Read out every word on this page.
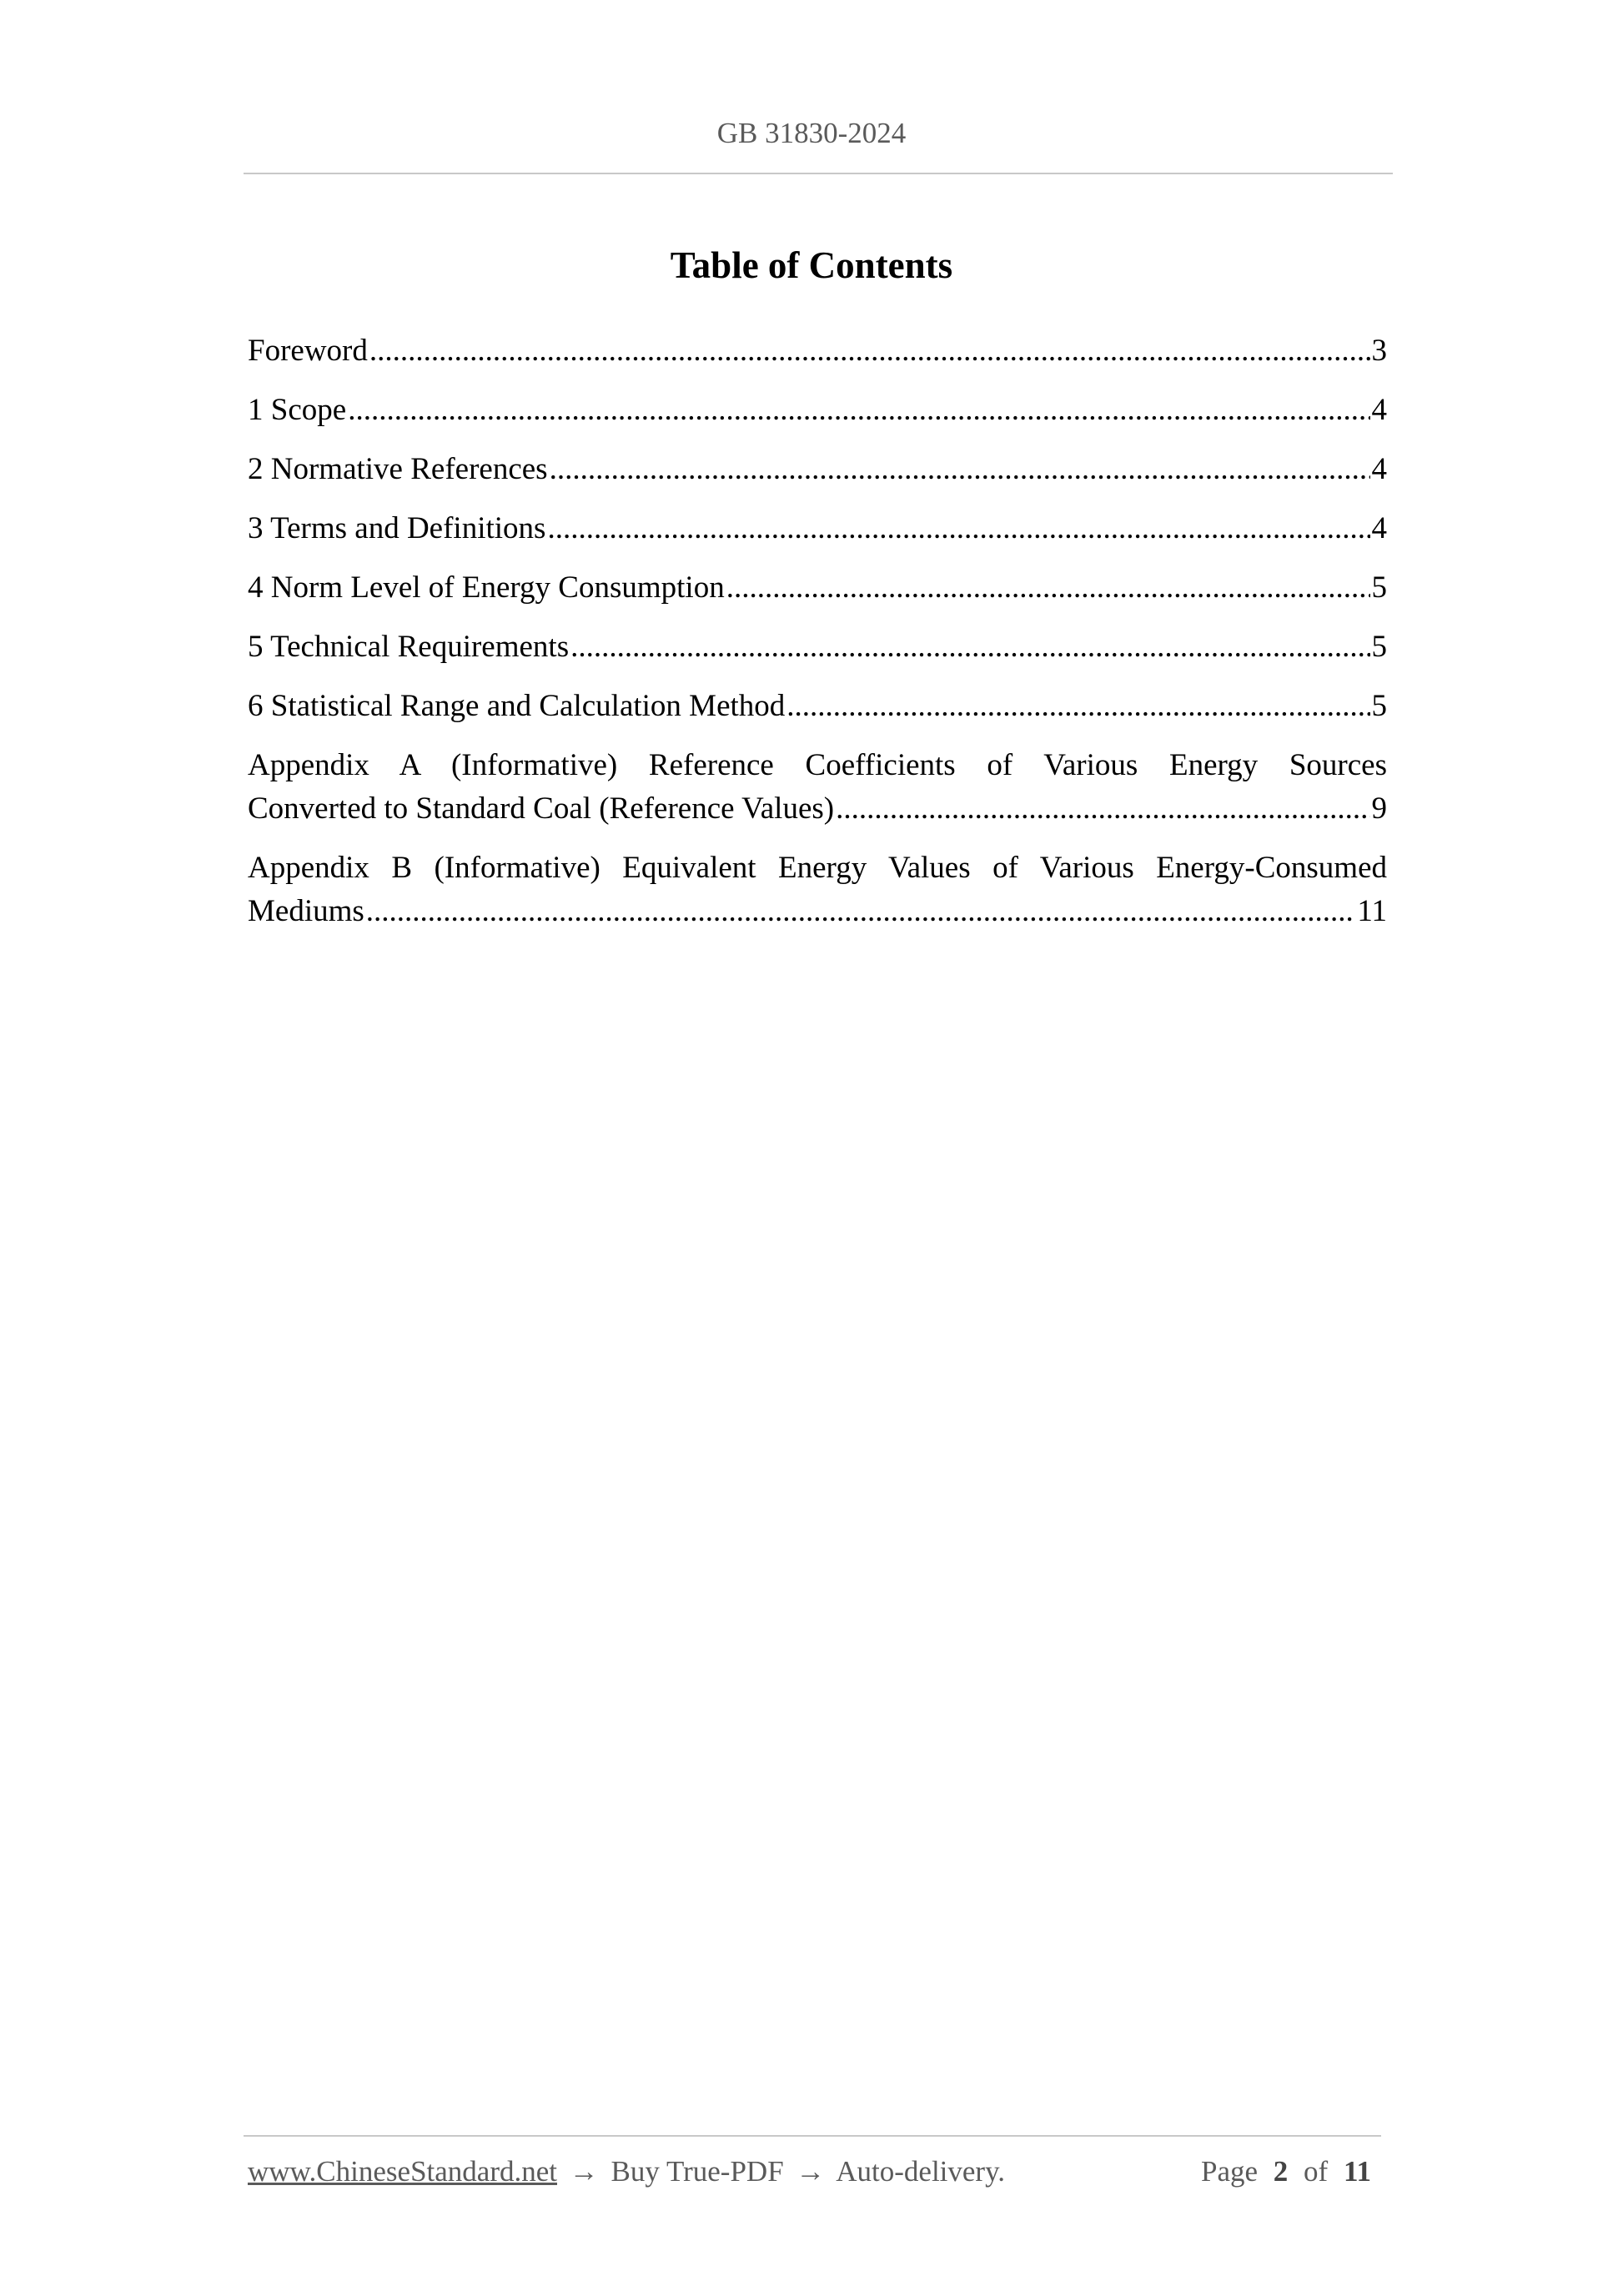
GB 31830-2024
Table of Contents
Foreword .....	3
1 Scope .....	4
2 Normative References .....	4
3 Terms and Definitions .....	4
4 Norm Level of Energy Consumption .....	5
5 Technical Requirements .....	5
6 Statistical Range and Calculation Method .....	5
Appendix A (Informative) Reference Coefficients of Various Energy Sources
Converted to Standard Coal (Reference Values) .....	9
Appendix B (Informative) Equivalent Energy Values of Various Energy-Consumed
Mediums .....	11
www.ChineseStandard.net → Buy True-PDF → Auto-delivery.	Page 2 of 11
